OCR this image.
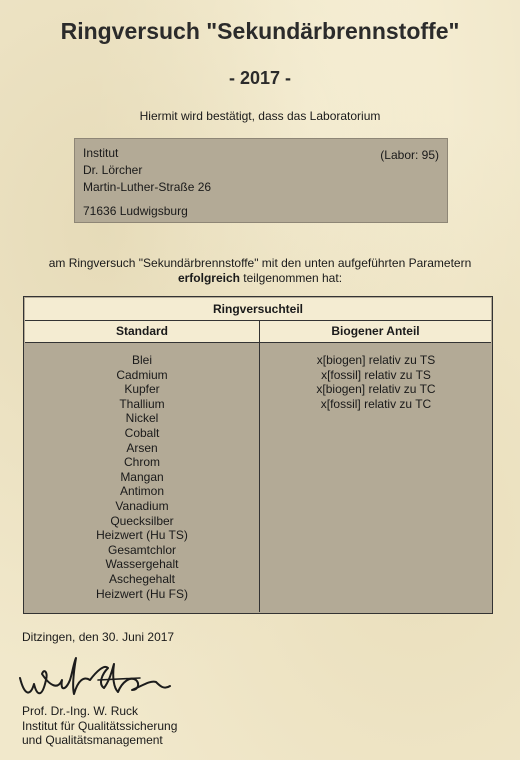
Ringversuch "Sekundärbrennstoffe"
- 2017 -
Hiermit wird bestätigt, dass das Laboratorium
Institut
Dr. Lörcher
Martin-Luther-Straße 26
71636 Ludwigsburg
(Labor: 95)
am Ringversuch "Sekundärbrennstoffe" mit den unten aufgeführten Parametern
erfolgreich teilgenommen hat:
Ringversuchteil
Standard	Biogener Anteil
Blei
Cadmium
Kupfer
Thallium
Nickel
Cobalt
Arsen
Chrom
Mangan
Antimon
Vanadium
Quecksilber
Heizwert (Hu TS)
Gesamtchlor
Wassergehalt
Aschegehalt
Heizwert (Hu FS)
x[biogen] relativ zu TS
x[fossil] relativ zu TS
x[biogen] relativ zu TC
x[fossil] relativ zu TC
Ditzingen, den 30. Juni 2017
Prof. Dr.-Ing. W. Ruck
Institut für Qualitätssicherung
und Qualitätsmanagement
